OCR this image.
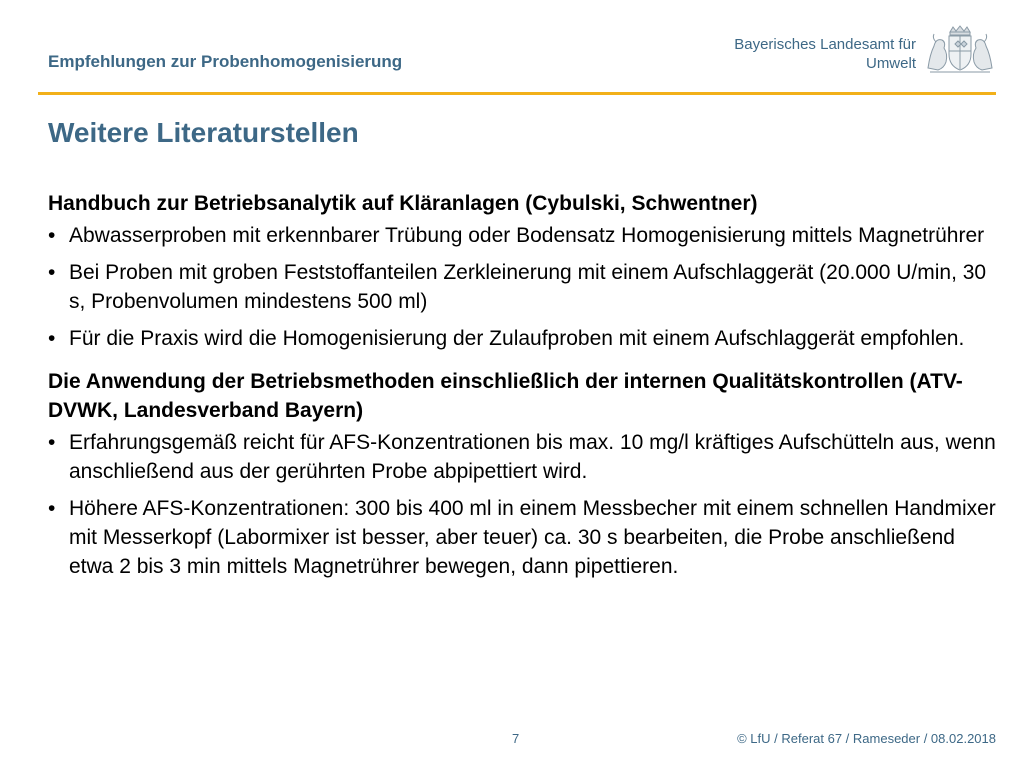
Empfehlungen zur Probenhomogenisierung
Bayerisches Landesamt für
Umwelt
Weitere Literaturstellen

Handbuch zur Betriebsanalytik auf Kläranlagen (Cybulski, Schwentner)

• Abwasserproben mit erkennbarer Trübung oder Bodensatz Homogenisierung mittels Magnetrührer
• Bei Proben mit groben Feststoffanteilen Zerkleinerung mit einem Aufschlaggerät (20.000 U/min, 30 s, Probenvolumen mindestens 500 ml)
• Für die Praxis wird die Homogenisierung der Zulaufproben mit einem Aufschlaggerät empfohlen.

Die Anwendung der Betriebsmethoden einschließlich der internen Qualitätskontrollen (ATV-DVWK, Landesverband Bayern)

• Erfahrungsgemäß reicht für AFS-Konzentrationen bis max. 10 mg/l kräftiges Aufschütteln aus, wenn anschließend aus der gerührten Probe abpipettiert wird.
• Höhere AFS-Konzentrationen: 300 bis 400 ml in einem Messbecher mit einem schnellen Handmixer mit Messerkopf (Labormixer ist besser, aber teuer) ca. 30 s bearbeiten, die Probe anschließend etwa 2 bis 3 min mittels Magnetrührer bewegen, dann pipettieren.
7	© LfU / Referat 67 / Rameseder / 08.02.2018
